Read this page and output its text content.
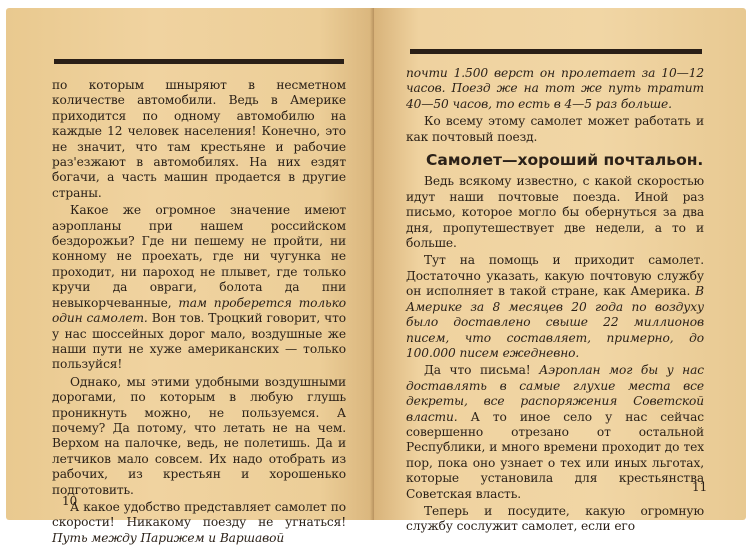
по которым шныряют в несметном количестве автомобили. Ведь в Америке приходится по одному автомобилю на каждые 12 человек населения! Конечно, это не значит, что там крестьяне и рабочие раз'езжают в автомобилях. На них ездят богачи, а часть машин продается в другие страны.

Какое же огромное значение имеют аэропланы при нашем российском бездорожьи? Где ни пешему не пройти, ни конному не проехать, где ни чугунка не проходит, ни пароход не плывет, где только кручи да овраги, болота да пни невыкорчеванные, там проберется только один самолет. Вон тов. Троцкий говорит, что у нас шоссейных дорог мало, воздушные же наши пути не хуже американских — только пользуйся!

Однако, мы этими удобными воздушными дорогами, по которым в любую глушь проникнуть можно, не пользуемся. А почему? Да потому, что летать не на чем. Верхом на палочке, ведь, не полетишь. Да и летчиков мало совсем. Их надо отобрать из рабочих, из крестьян и хорошенько подготовить.

А какое удобство представляет самолет по скорости! Никакому поезду не угнаться! Путь между Парижем и Варшавой

10

почти 1.500 верст он пролетает за 10—12 часов. Поезд же на тот же путь тратит 40—50 часов, то есть в 4—5 раз больше.

Ко всему этому самолет может работать и как почтовый поезд.

Самолет—хороший почтальон.

Ведь всякому известно, с какой скоростью идут наши почтовые поезда. Иной раз письмо, которое могло бы обернуться за два дня, пропутешествует две недели, а то и больше.

Тут на помощь и приходит самолет. Достаточно указать, какую почтовую службу он исполняет в такой стране, как Америка. В Америке за 8 месяцев 20 года по воздуху было доставлено свыше 22 миллионов писем, что составляет, примерно, до 100.000 писем ежедневно.

Да что письма! Аэроплан мог бы у нас доставлять в самые глухие места все декреты, все распоряжения Советской власти. А то иное село у нас сейчас совершенно отрезано от остальной Республики, и много времени проходит до тех пор, пока оно узнает о тех или иных льготах, которые установила для крестьянства Советская власть.

Теперь и посудите, какую огромную службу сослужит самолет, если его

11
